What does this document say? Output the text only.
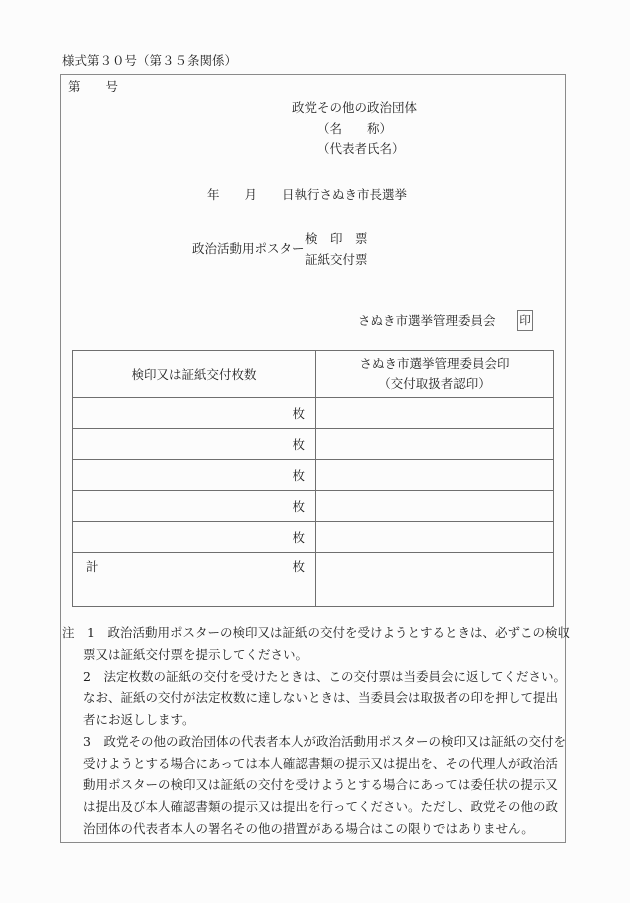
様式第３０号（第３５条関係）
第　　号
政党その他の政治団体
（名　　称）
（代表者氏名）
年　　月　　日執行さぬき市長選挙
政治活動用ポスター
検　印　票
証紙交付票
さぬき市選挙管理委員会 印
検印又は証紙交付枚数	さぬき市選挙管理委員会印
（交付取扱者認印）

枚	
枚	
枚	
枚	
枚	

計 枚	

注　1　政治活動用ポスターの検印又は証紙の交付を受けようとするときは、必ずこの検収
票又は証紙交付票を提示してください。
2　法定枚数の証紙の交付を受けたときは、この交付票は当委員会に返してください。
なお、証紙の交付が法定枚数に達しないときは、当委員会は取扱者の印を押して提出
者にお返しします。
3　政党その他の政治団体の代表者本人が政治活動用ポスターの検印又は証紙の交付を
受けようとする場合にあっては本人確認書類の提示又は提出を、その代理人が政治活
動用ポスターの検印又は証紙の交付を受けようとする場合にあっては委任状の提示又
は提出及び本人確認書類の提示又は提出を行ってください。ただし、政党その他の政
治団体の代表者本人の署名その他の措置がある場合はこの限りではありません。
